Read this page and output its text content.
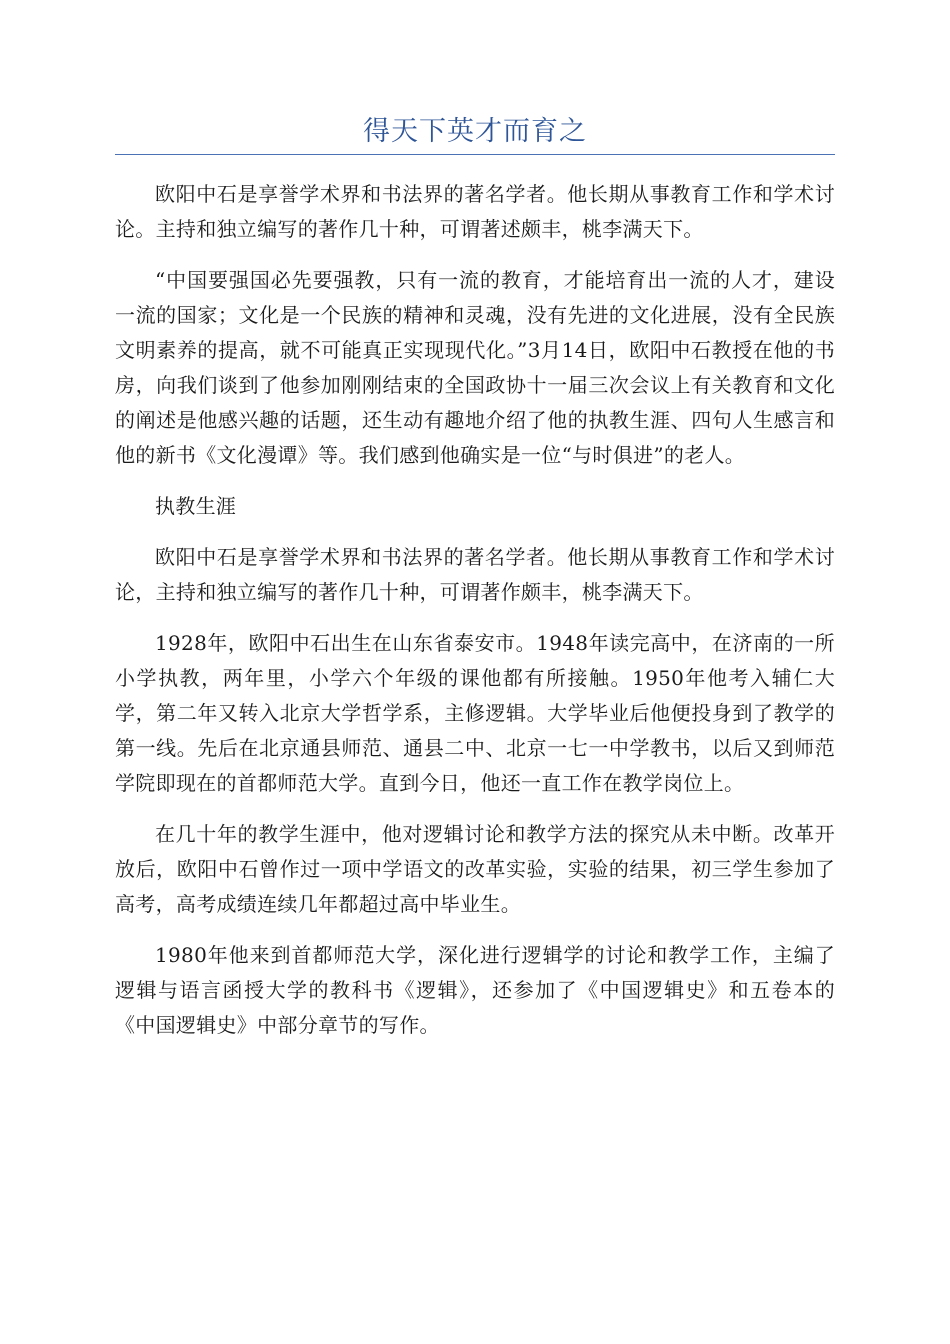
得天下英才而育之

欧阳中石是享誉学术界和书法界的著名学者。他长期从事教育工作和学术讨论。主持和独立编写的著作几十种，可谓著述颇丰，桃李满天下。

“中国要强国必先要强教，只有一流的教育，才能培育出一流的人才，建设一流的国家；文化是一个民族的精神和灵魂，没有先进的文化进展，没有全民族文明素养的提高，就不可能真正实现现代化。”3月14日，欧阳中石教授在他的书房，向我们谈到了他参加刚刚结束的全国政协十一届三次会议上有关教育和文化的阐述是他感兴趣的话题，还生动有趣地介绍了他的执教生涯、四句人生感言和他的新书《文化漫谭》等。我们感到他确实是一位“与时俱进”的老人。

执教生涯

欧阳中石是享誉学术界和书法界的著名学者。他长期从事教育工作和学术讨论，主持和独立编写的著作几十种，可谓著作颇丰，桃李满天下。

1928年，欧阳中石出生在山东省泰安市。1948年读完高中，在济南的一所小学执教，两年里，小学六个年级的课他都有所接触。1950年他考入辅仁大学，第二年又转入北京大学哲学系，主修逻辑。大学毕业后他便投身到了教学的第一线。先后在北京通县师范、通县二中、北京一七一中学教书，以后又到师范学院即现在的首都师范大学。直到今日，他还一直工作在教学岗位上。

在几十年的教学生涯中，他对逻辑讨论和教学方法的探究从未中断。改革开放后，欧阳中石曾作过一项中学语文的改革实验，实验的结果，初三学生参加了高考，高考成绩连续几年都超过高中毕业生。

1980年他来到首都师范大学，深化进行逻辑学的讨论和教学工作，主编了逻辑与语言函授大学的教科书《逻辑》，还参加了《中国逻辑史》和五卷本的《中国逻辑史》中部分章节的写作。
